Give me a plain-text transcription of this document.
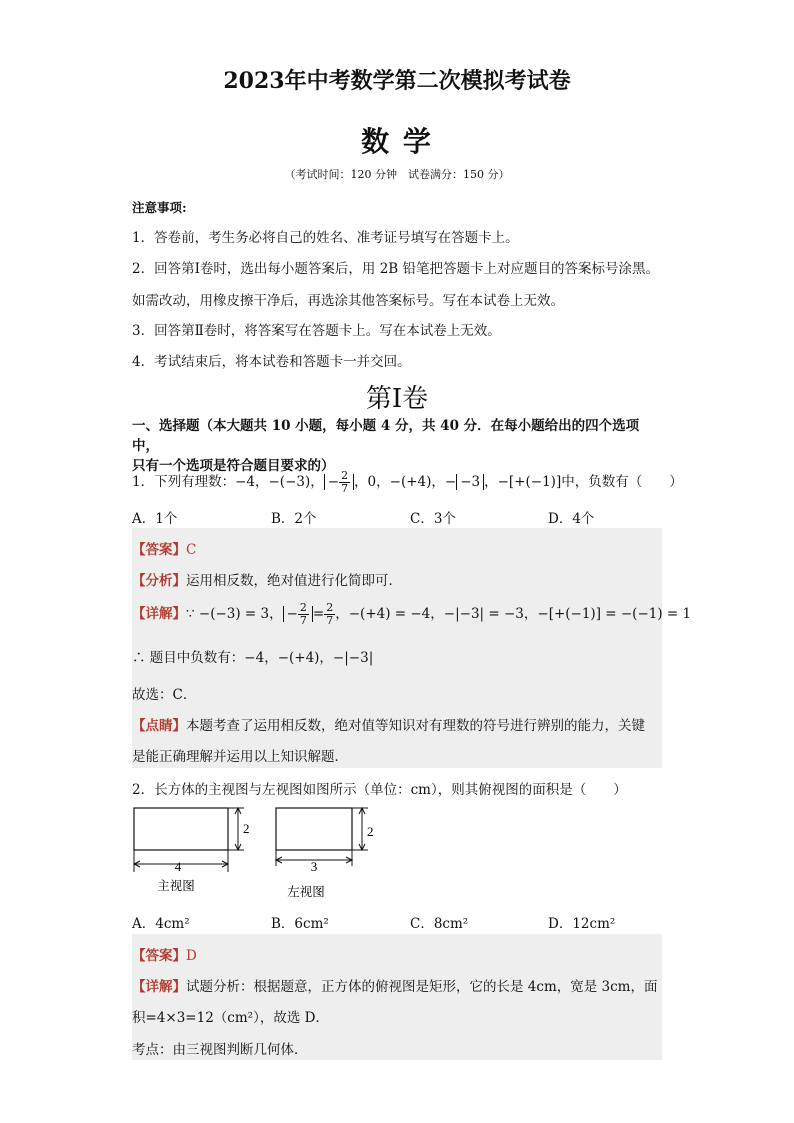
2023年中考数学第二次模拟考试卷
数 学
（考试时间：120 分钟　试卷满分：150 分）
注意事项:
1．答卷前，考生务必将自己的姓名、准考证号填写在答题卡上。
2．回答第Ⅰ卷时，选出每小题答案后，用 2B 铅笔把答题卡上对应题目的答案标号涂黑。
如需改动，用橡皮擦干净后，再选涂其他答案标号。写在本试卷上无效。
3．回答第Ⅱ卷时，将答案写在答题卡上。写在本试卷上无效。
4．考试结束后，将本试卷和答题卡一并交回。
第Ⅰ卷
一、选择题（本大题共 10 小题，每小题 4 分，共 40 分．在每小题给出的四个选项中，
只有一个选项是符合题目要求的）
1．下列有理数：−4，−(−3)， − $\frac{2}{7}$ ，0，−(+4)，− −3 ，−[+(−1)]中，负数有（　　）
A．1个	B．2个	C．3个	D．4个
【答案】C
【分析】运用相反数，绝对值进行化简即可．
【详解】∵ −(−3) = 3， − $\frac{2}{7} = \frac{2}{7}$ ，−(+4) = −4，−|−3| = −3，−[+(−1)] = −(−1) = 1
∴ 题目中负数有：−4，−(+4)，−|−3|
故选：C．
【点睛】本题考查了运用相反数，绝对值等知识对有理数的符号进行辨别的能力，关键
是能正确理解并运用以上知识解题．
2．长方体的主视图与左视图如图所示（单位：cm），则其俯视图的面积是（　　）
4
2
3
2
主视图	左视图
A．4cm²	B．6cm²	C．8cm²	D．12cm²
【答案】D
【详解】试题分析：根据题意，正方体的俯视图是矩形，它的长是 4cm，宽是 3cm，面
积=4×3=12（cm²），故选 D．
考点：由三视图判断几何体．
